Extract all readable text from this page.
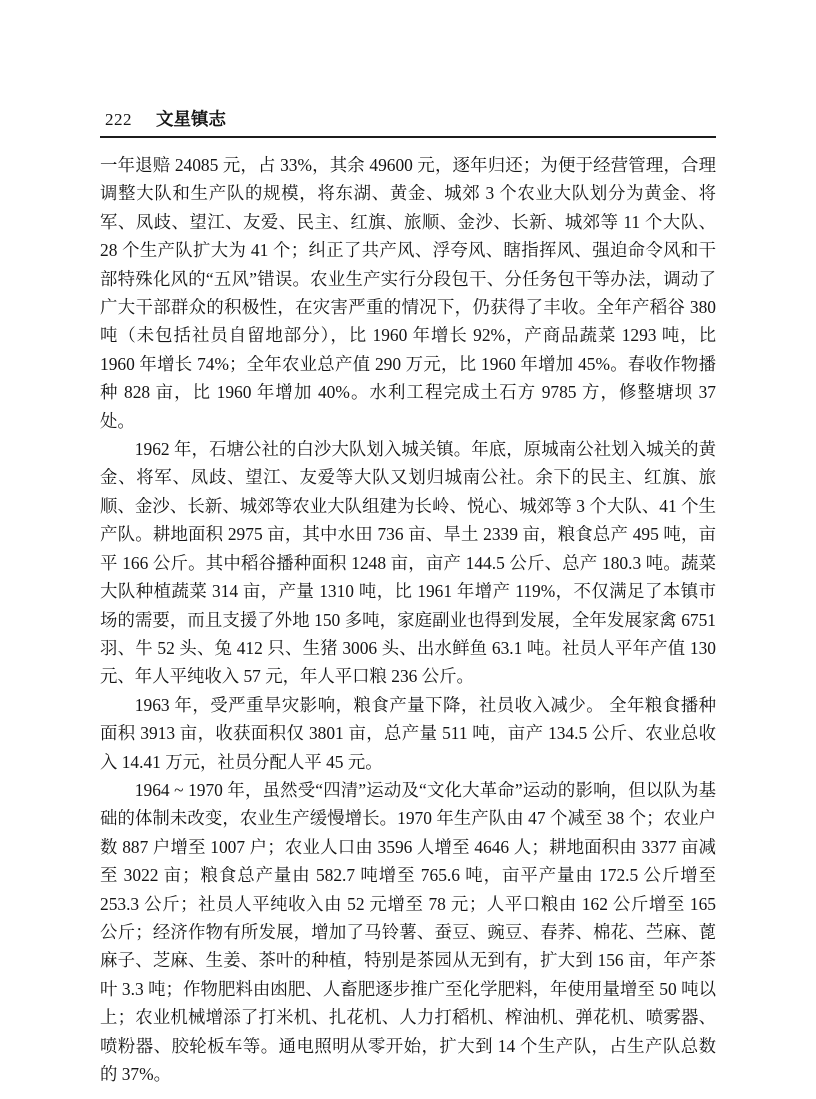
222 文星镇志

一年退赔 24085 元，占 33%，其余 49600 元，逐年归还；为便于经营管理，合理调整大队和生产队的规模，将东湖、黄金、城郊 3 个农业大队划分为黄金、将军、凤歧、望江、友爱、民主、红旗、旅顺、金沙、长新、城郊等 11 个大队、28 个生产队扩大为 41 个；纠正了共产风、浮夸风、瞎指挥风、强迫命令风和干部特殊化风的“五风”错误。农业生产实行分段包干、分任务包干等办法，调动了广大干部群众的积极性，在灾害严重的情况下，仍获得了丰收。全年产稻谷 380 吨（未包括社员自留地部分），比 1960 年增长 92%，产商品蔬菜 1293 吨，比 1960 年增长 74%；全年农业总产值 290 万元，比 1960 年增加 45%。春收作物播种 828 亩，比 1960 年增加 40%。水利工程完成土石方 9785 方，修整塘坝 37 处。

1962 年，石塘公社的白沙大队划入城关镇。年底，原城南公社划入城关的黄金、将军、凤歧、望江、友爱等大队又划归城南公社。余下的民主、红旗、旅顺、金沙、长新、城郊等农业大队组建为长岭、悦心、城郊等 3 个大队、41 个生产队。耕地面积 2975 亩，其中水田 736 亩、旱土 2339 亩，粮食总产 495 吨，亩平 166 公斤。其中稻谷播种面积 1248 亩，亩产 144.5 公斤、总产 180.3 吨。蔬菜大队种植蔬菜 314 亩，产量 1310 吨，比 1961 年增产 119%，不仅满足了本镇市场的需要，而且支援了外地 150 多吨，家庭副业也得到发展，全年发展家禽 6751 羽、牛 52 头、兔 412 只、生猪 3006 头、出水鲜鱼 63.1 吨。社员人平年产值 130 元、年人平纯收入 57 元，年人平口粮 236 公斤。

1963 年，受严重旱灾影响，粮食产量下降，社员收入减少。 全年粮食播种面积 3913 亩，收获面积仅 3801 亩，总产量 511 吨，亩产 134.5 公斤、农业总收入 14.41 万元，社员分配人平 45 元。

1964 ~ 1970 年，虽然受“四清”运动及“文化大革命”运动的影响，但以队为基础的体制未改变，农业生产缓慢增长。1970 年生产队由 47 个减至 38 个；农业户数 887 户增至 1007 户；农业人口由 3596 人增至 4646 人；耕地面积由 3377 亩减至 3022 亩；粮食总产量由 582.7 吨增至 765.6 吨，亩平产量由 172.5 公斤增至 253.3 公斤；社员人平纯收入由 52 元增至 78 元；人平口粮由 162 公斤增至 165 公斤；经济作物有所发展，增加了马铃薯、蚕豆、豌豆、春荞、棉花、苎麻、蓖麻子、芝麻、生姜、茶叶的种植，特别是茶园从无到有，扩大到 156 亩，年产茶叶 3.3 吨；作物肥料由凼肥、人畜肥逐步推广至化学肥料，年使用量增至 50 吨以上；农业机械增添了打米机、扎花机、人力打稻机、榨油机、弹花机、喷雾器、喷粉器、胶轮板车等。通电照明从零开始，扩大到 14 个生产队，占生产队总数的 37%。
